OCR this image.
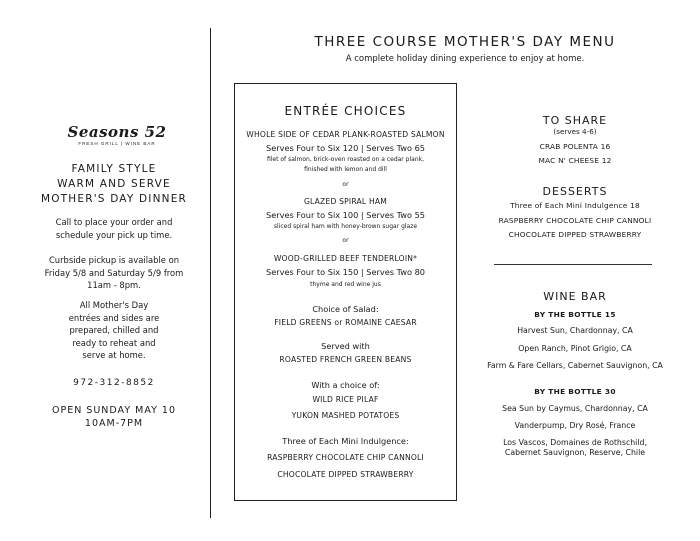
Seasons 52
FRESH GRILL | WINE BAR
FAMILY STYLE
WARM AND SERVE
MOTHER'S DAY DINNER
Call to place your order and
schedule your pick up time.
Curbside pickup is available on
Friday 5/8 and Saturday 5/9 from
11am - 8pm.
All Mother's Day
entrées and sides are
prepared, chilled and
ready to reheat and
serve at home.
972-312-8852
OPEN SUNDAY MAY 10
10AM-7PM
THREE COURSE MOTHER'S DAY MENU
A complete holiday dining experience to enjoy at home.
ENTRÉE CHOICES
WHOLE SIDE OF CEDAR PLANK-ROASTED SALMON
Serves Four to Six 120 | Serves Two 65
filet of salmon, brick-oven roasted on a cedar plank,
finished with lemon and dill
or
GLAZED SPIRAL HAM
Serves Four to Six 100 | Serves Two 55
sliced spiral ham with honey-brown sugar glaze
or
WOOD-GRILLED BEEF TENDERLOIN*
Serves Four to Six 150 | Serves Two 80
thyme and red wine jus
Choice of Salad:
FIELD GREENS or ROMAINE CAESAR
Served with
ROASTED FRENCH GREEN BEANS
With a choice of:
WILD RICE PILAF
YUKON MASHED POTATOES
Three of Each Mini Indulgence:
RASPBERRY CHOCOLATE CHIP CANNOLI
CHOCOLATE DIPPED STRAWBERRY
TO SHARE
(serves 4-6)
CRAB POLENTA 16
MAC N' CHEESE 12
DESSERTS
Three of Each Mini Indulgence 18
RASPBERRY CHOCOLATE CHIP CANNOLI
CHOCOLATE DIPPED STRAWBERRY
WINE BAR
BY THE BOTTLE 15
Harvest Sun, Chardonnay, CA
Open Ranch, Pinot Grigio, CA
Farm & Fare Cellars, Cabernet Sauvignon, CA
BY THE BOTTLE 30
Sea Sun by Caymus, Chardonnay, CA
Vanderpump, Dry Rosé, France
Los Vascos, Domaines de Rothschild,
Cabernet Sauvignon, Reserve, Chile
